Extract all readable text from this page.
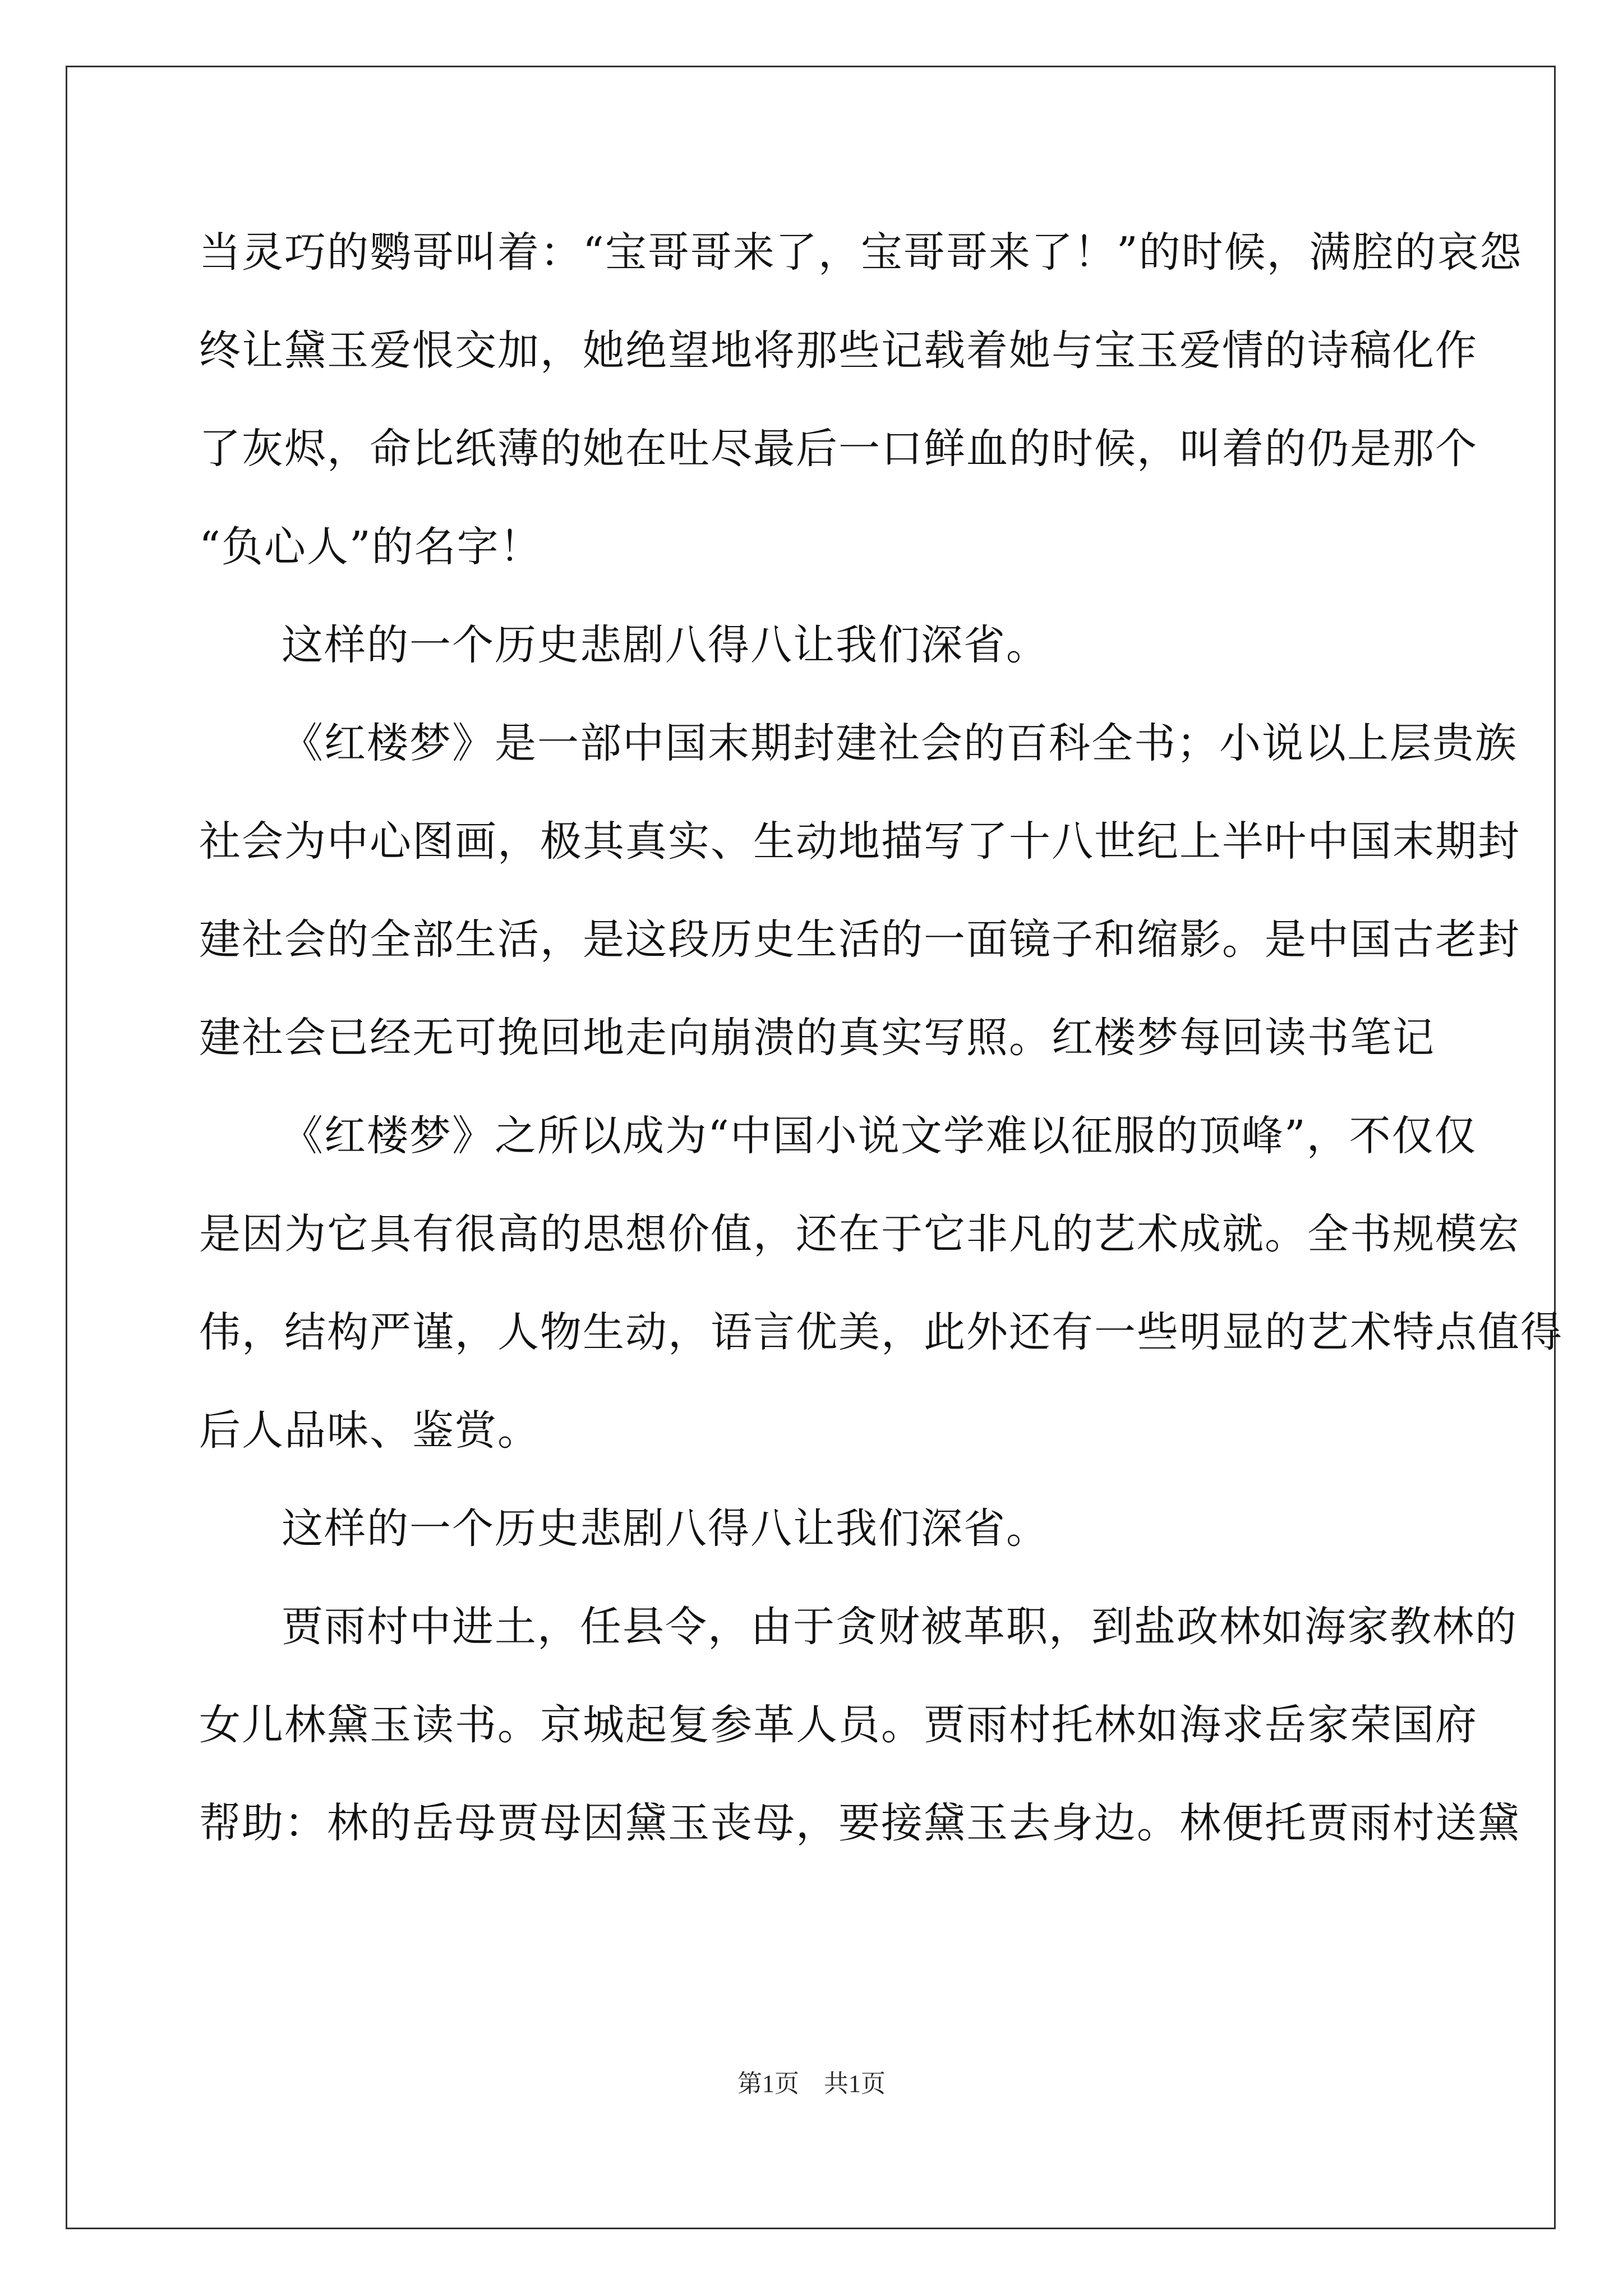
当灵巧的鹦哥叫着：“宝哥哥来了，宝哥哥来了！”的时候，满腔的哀怨
终让黛玉爱恨交加，她绝望地将那些记载着她与宝玉爱情的诗稿化作
了灰烬，命比纸薄的她在吐尽最后一口鲜血的时候，叫着的仍是那个
“负心人”的名字！
这样的一个历史悲剧八得八让我们深省。
《红楼梦》是一部中国末期封建社会的百科全书；小说以上层贵族
社会为中心图画，极其真实、生动地描写了十八世纪上半叶中国末期封
建社会的全部生活，是这段历史生活的一面镜子和缩影。是中国古老封
建社会已经无可挽回地走向崩溃的真实写照。红楼梦每回读书笔记
《红楼梦》之所以成为“中国小说文学难以征服的顶峰”，不仅仅
是因为它具有很高的思想价值，还在于它非凡的艺术成就。全书规模宏
伟，结构严谨，人物生动，语言优美，此外还有一些明显的艺术特点值得
后人品味、鉴赏。
这样的一个历史悲剧八得八让我们深省。
贾雨村中进土，任县令，由于贪财被革职，到盐政林如海家教林的
女儿林黛玉读书。京城起复参革人员。贾雨村托林如海求岳家荣国府
帮助：林的岳母贾母因黛玉丧母，要接黛玉去身边。林便托贾雨村送黛
第1页　共1页
